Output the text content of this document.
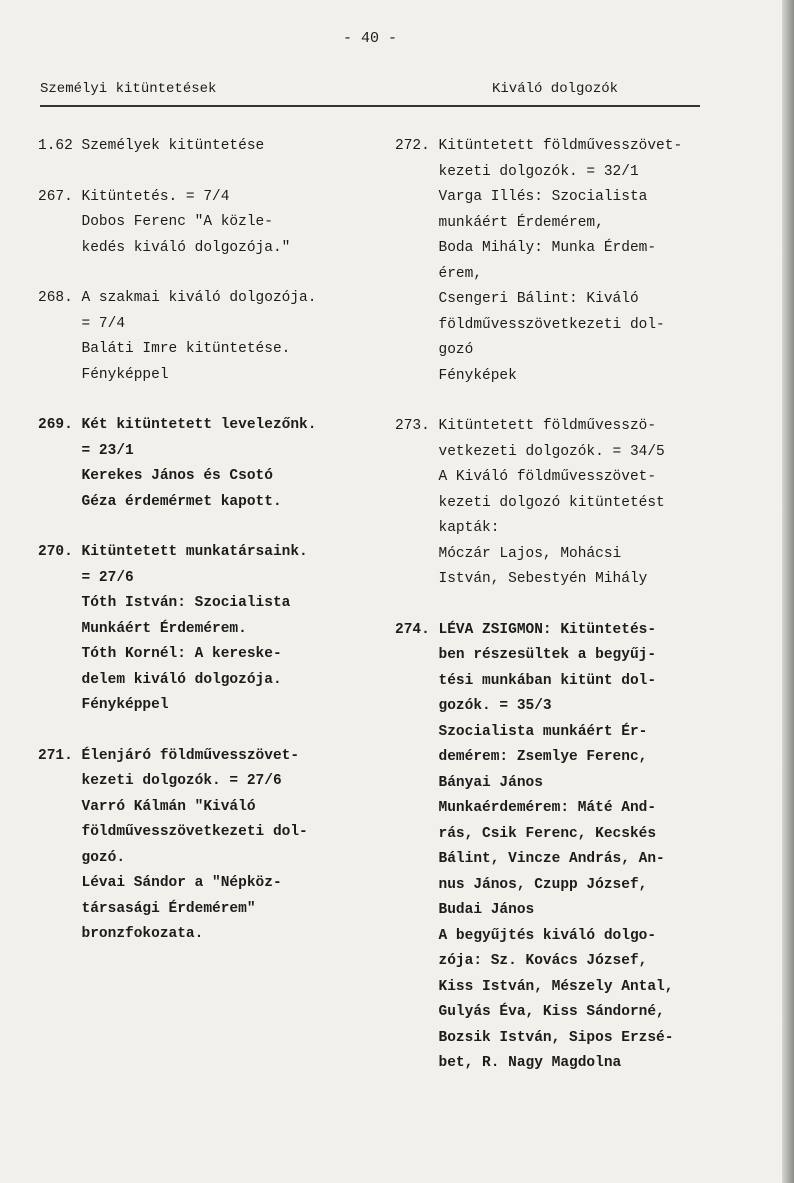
- 40 -
Személyi kitüntetések	Kiváló dolgozók
1.62 Személyek kitüntetése
267. Kitüntetés. = 7/4
Dobos Ferenc "A közle-
kedés kiváló dolgozója."
268. A szakmai kiváló dolgozója.
= 7/4
Baláti Imre kitüntetése.
Fényképpel
269. Két kitüntetett levelezőnk.
= 23/1
Kerekes János és Csotó
Géza érdemérmet kapott.
270. Kitüntetett munkatársaink.
= 27/6
Tóth István: Szocialista
Munkáért Érdemérem.
Tóth Kornél: A kereske-
delem kiváló dolgozója.
Fényképpel
271. Élenjáró földművesszövet-
kezeti dolgozók. = 27/6
Varró Kálmán "Kiváló
földművesszövetkezeti dol-
gozó.
Lévai Sándor a "Népköz-
társasági Érdemérem"
bronzfokozata.
272. Kitüntetett földművesszövet-
kezeti dolgozók. = 32/1
Varga Illés: Szocialista
munkáért Érdemérem,
Boda Mihály: Munka Érdem-
érem,
Csengeri Bálint: Kiváló
földművesszövetkezeti dol-
gozó
Fényképek
273. Kitüntetett földművesszö-
vetkezeti dolgozók. = 34/5
A Kiváló földművesszövet-
kezeti dolgozó kitüntetést
kapták:
Móczár Lajos, Mohácsi
István, Sebestyén Mihály
274. LÉVA ZSIGMON: Kitüntetés-
ben részesültek a begyűj-
tési munkában kitünt dol-
gozók. = 35/3
Szocialista munkáért Ér-
demérem: Zsemlye Ferenc,
Bányai János
Munkaérdemérem: Máté And-
rás, Csik Ferenc, Kecskés
Bálint, Vincze András, An-
nus János, Czupp József,
Budai János
A begyűjtés kiváló dolgo-
zója: Sz. Kovács József,
Kiss István, Mészely Antal,
Gulyás Éva, Kiss Sándorné,
Bozsik István, Sipos Erzsé-
bet, R. Nagy Magdolna
